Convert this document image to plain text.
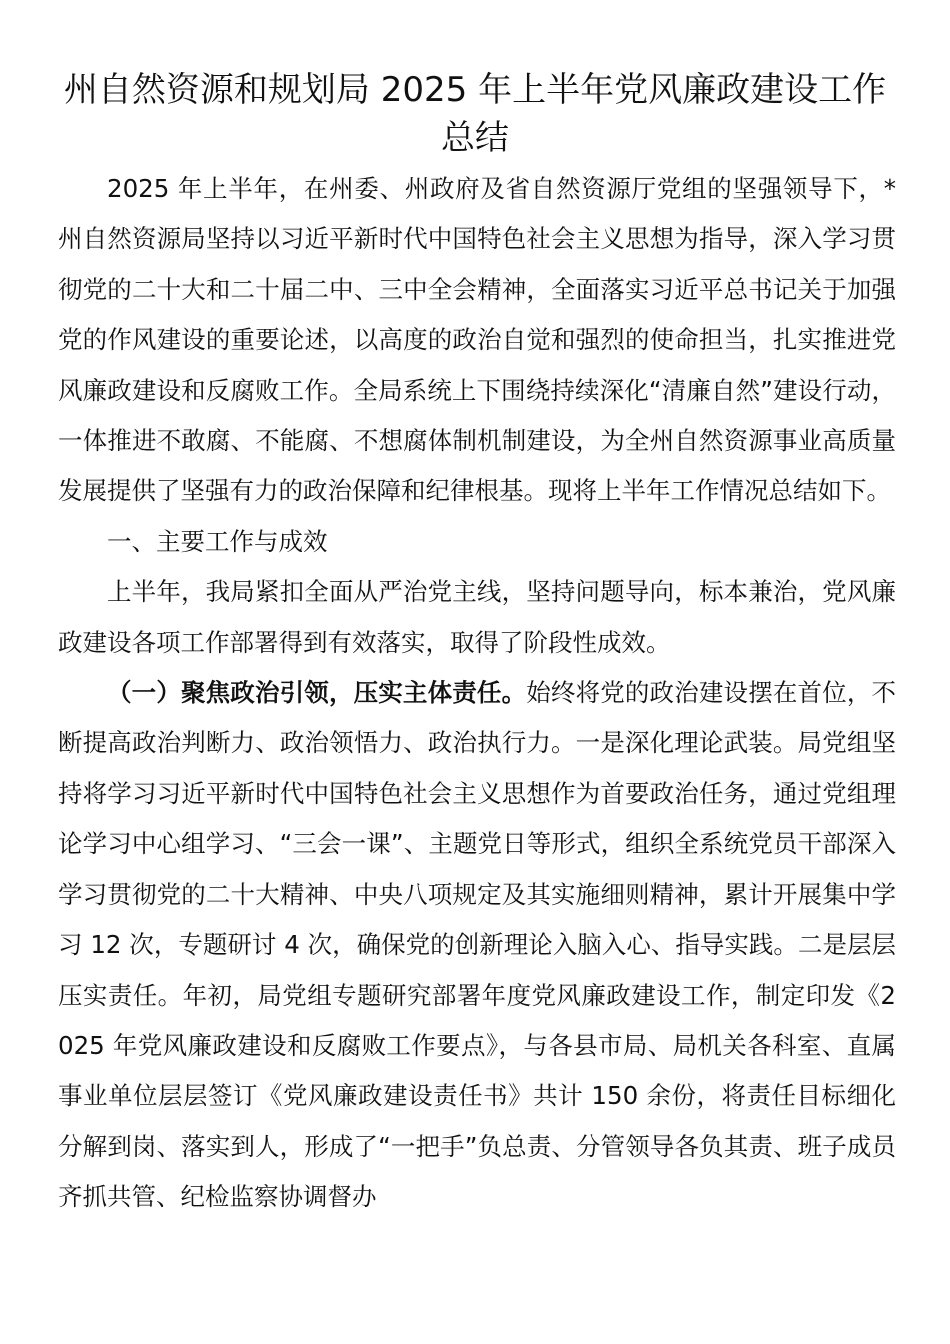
州自然资源和规划局 2025 年上半年党风廉政建设工作总结

2025 年上半年，在州委、州政府及省自然资源厅党组的坚强领导下，*州自然资源局坚持以习近平新时代中国特色社会主义思想为指导，深入学习贯彻党的二十大和二十届二中、三中全会精神，全面落实习近平总书记关于加强党的作风建设的重要论述，以高度的政治自觉和强烈的使命担当，扎实推进党风廉政建设和反腐败工作。全局系统上下围绕持续深化“清廉自然”建设行动，一体推进不敢腐、不能腐、不想腐体制机制建设，为全州自然资源事业高质量发展提供了坚强有力的政治保障和纪律根基。现将上半年工作情况总结如下。

一、主要工作与成效

上半年，我局紧扣全面从严治党主线，坚持问题导向，标本兼治，党风廉政建设各项工作部署得到有效落实，取得了阶段性成效。

（一）聚焦政治引领，压实主体责任。始终将党的政治建设摆在首位，不断提高政治判断力、政治领悟力、政治执行力。一是深化理论武装。局党组坚持将学习习近平新时代中国特色社会主义思想作为首要政治任务，通过党组理论学习中心组学习、“三会一课”、主题党日等形式，组织全系统党员干部深入学习贯彻党的二十大精神、中央八项规定及其实施细则精神，累计开展集中学习 12 次，专题研讨 4 次，确保党的创新理论入脑入心、指导实践。二是层层压实责任。年初，局党组专题研究部署年度党风廉政建设工作，制定印发《2025 年党风廉政建设和反腐败工作要点》，与各县市局、局机关各科室、直属事业单位层层签订《党风廉政建设责任书》共计 150 余份，将责任目标细化分解到岗、落实到人，形成了“一把手”负总责、分管领导各负其责、班子成员齐抓共管、纪检监察协调督办
